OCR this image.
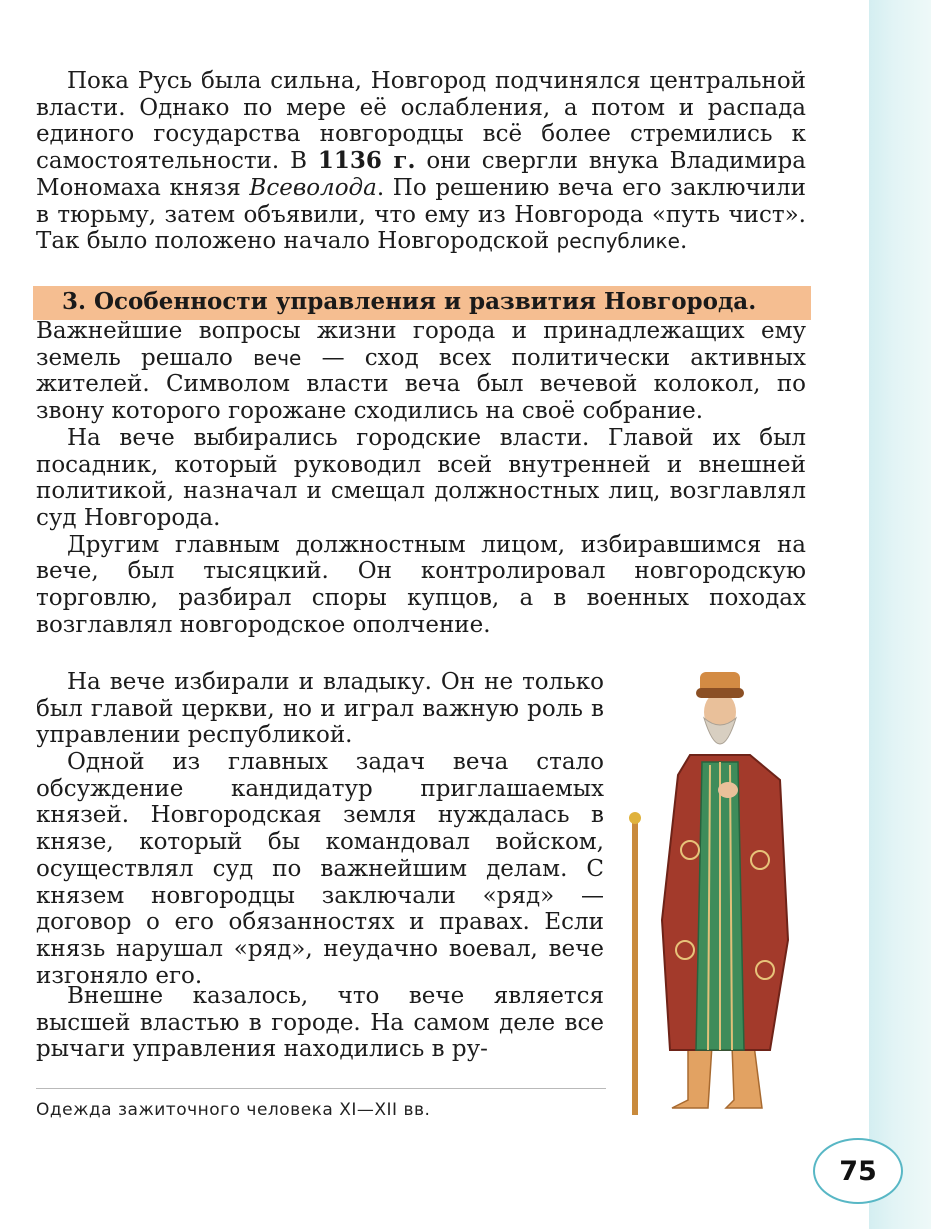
Пока Русь была сильна, Новгород подчинялся центральной власти. Однако по мере её ослабления, а потом и распада единого государства новгородцы всё более стремились к самостоятельности. В 1136 г. они свергли внука Владимира Мономаха князя Всеволода. По решению веча его заключили в тюрьму, затем объявили, что ему из Новгорода «путь чист». Так было положено начало Новгородской республике.

3. Особенности управления и развития Новгорода.

Важнейшие вопросы жизни города и принадлежащих ему земель решало вече — сход всех политически активных жителей. Символом власти веча был вечевой колокол, по звону которого горожане сходились на своё собрание.

На вече выбирались городские власти. Главой их был посадник, который руководил всей внутренней и внешней политикой, назначал и смещал должностных лиц, возглавлял суд Новгорода.

Другим главным должностным лицом, избиравшимся на вече, был тысяцкий. Он контролировал новгородскую торговлю, разбирал споры купцов, а в военных походах возглавлял новгородское ополчение.

На вече избирали и владыку. Он не только был главой церкви, но и играл важную роль в управлении республикой.

Одной из главных задач веча стало обсуждение кандидатур приглашаемых князей. Новгородская земля нуждалась в князе, который бы командовал войском, осуществлял суд по важнейшим делам. С князем новгородцы заключали «ряд» — договор о его обязанностях и правах. Если князь нарушал «ряд», неудачно воевал, вече изгоняло его.

Внешне казалось, что вече является высшей властью в городе. На самом деле все рычаги управления находились в ру-

Одежда зажиточного человека XI—XII вв.
75
